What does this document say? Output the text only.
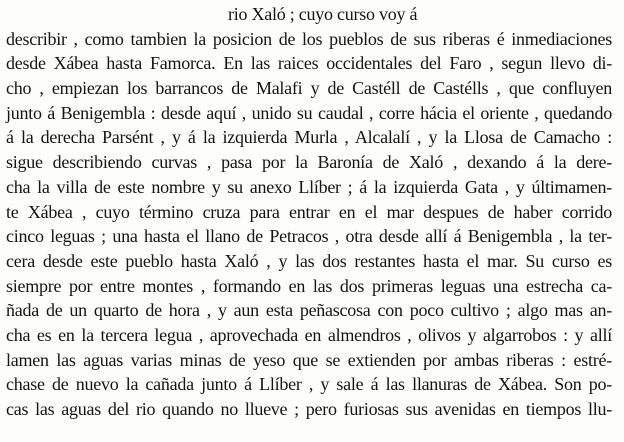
rio Xaló ; cuyo curso voy á
describir , como tambien la posicion de los pueblos de sus riberas é inmediaciones
desde Xábea hasta Famorca. En las raices occidentales del Faro , segun llevo di-
cho , empiezan los barrancos de Malafi y de Castéll de Castélls , que confluyen
junto á Benigembla : desde aquí , unido su caudal , corre hácia el oriente , quedando
á la derecha Parsént , y á la izquierda Murla , Alcalalí , y la Llosa de Camacho :
sigue describiendo curvas , pasa por la Baronía de Xaló , dexando á la dere-
cha la villa de este nombre y su anexo Llíber ; á la izquierda Gata , y últimamen-
te Xábea , cuyo término cruza para entrar en el mar despues de haber corrido
cinco leguas ; una hasta el llano de Petracos , otra desde allí á Benigembla , la ter-
cera desde este pueblo hasta Xaló , y las dos restantes hasta el mar. Su curso es
siempre por entre montes , formando en las dos primeras leguas una estrecha ca-
ñada de un quarto de hora , y aun esta peñascosa con poco cultivo ; algo mas an-
cha es en la tercera legua , aprovechada en almendros , olivos y algarrobos : y allí
lamen las aguas varias minas de yeso que se extienden por ambas riberas : estré-
chase de nuevo la cañada junto á Llíber , y sale á las llanuras de Xábea. Son po-
cas las aguas del rio quando no llueve ; pero furiosas sus avenidas en tiempos llu-
